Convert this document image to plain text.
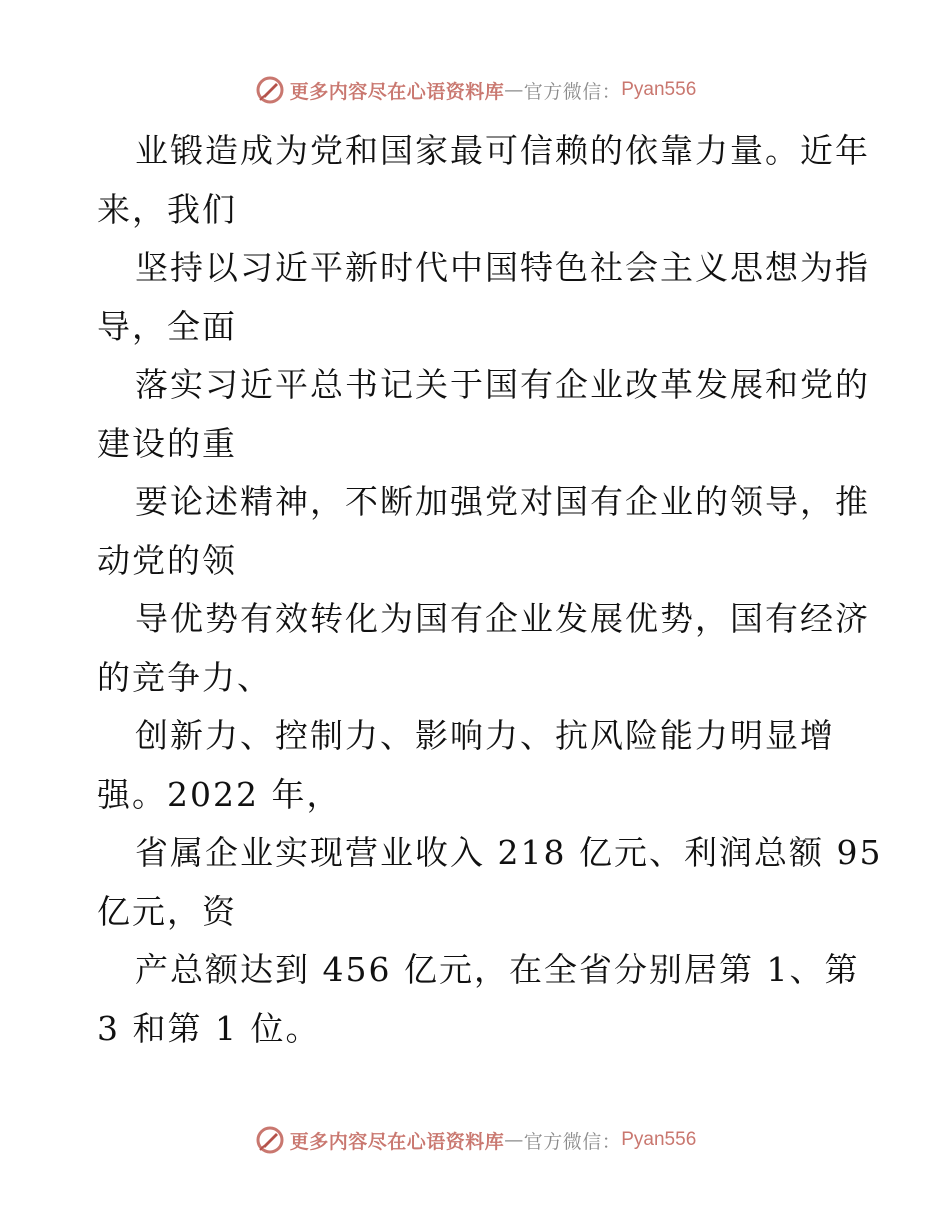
更多内容尽在心语资料库 — 官方微信： Pyan556
业锻造成为党和国家最可信赖的依靠力量。近年
来，我们
坚持以习近平新时代中国特色社会主义思想为指
导，全面
落实习近平总书记关于国有企业改革发展和党的
建设的重
要论述精神，不断加强党对国有企业的领导，推
动党的领
导优势有效转化为国有企业发展优势，国有经济
的竞争力、
创新力、控制力、影响力、抗风险能力明显增
强。2022 年，
省属企业实现营业收入 218 亿元、利润总额 95
亿元，资
产总额达到 456 亿元，在全省分别居第 1、第
3 和第 1 位。
更多内容尽在心语资料库 — 官方微信： Pyan556
